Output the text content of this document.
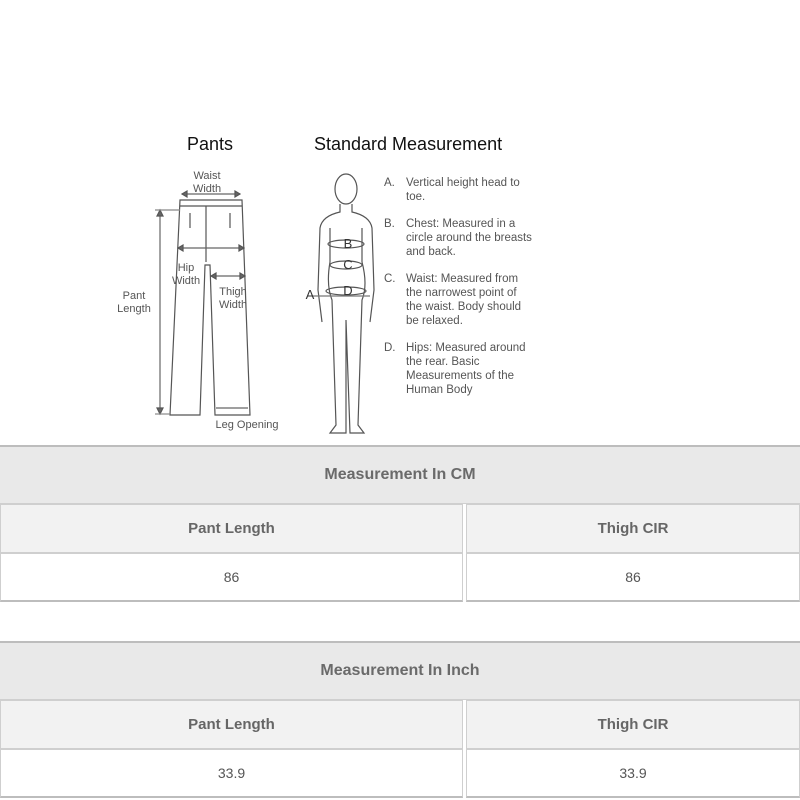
Pants	Standard Measurement
Waist
Width
Hip
Width
Thigh
Width
Pant
Length
Leg Opening
A
B
C
D
A. Vertical height head to toe.
B. Chest: Measured in a circle around the breasts and back.
C. Waist: Measured from the narrowest point of the waist. Body should be relaxed.
D. Hips: Measured around the rear. Basic Measurements of the Human Body
Measurement In CM
Pant Length	Thigh CIR
86	86
Measurement In Inch
Pant Length	Thigh CIR
33.9	33.9
